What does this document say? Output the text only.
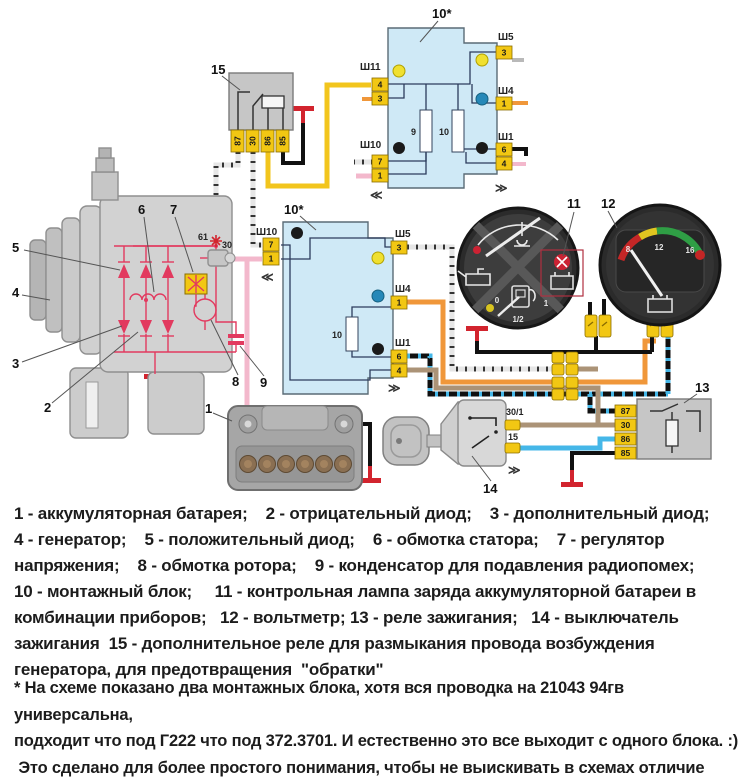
87 30 86 85
15
9	10
10*
Ш11
4
3
Ш10
7
1
≪
Ш5
3
Ш4
1
Ш1
6
4
≫
10
10*
Ш10
7
1
≪
Ш5
3
Ш4
1
Ш1
6
4
≫
61
30
5
4
3
2
6 7
8 9
1	30/1
15
≫
14
87
30
86
85
13
0
1/2
1
11
8	12	16
12
1 - аккумуляторная батарея;    2 - отрицательный диод;    3 - дополнительный диод;
4 - генератор;    5 - положительный диод;    6 - обмотка статора;    7 - регулятор
напряжения;    8 - обмотка ротора;    9 - конденсатор для подавления радиопомех;
10 - монтажный блок;     11 - контрольная лампа заряда аккумуляторной батареи в
комбинации приборов;   12 - вольтметр; 13 - реле зажигания;   14 - выключатель
зажигания  15 - дополнительное реле для размыкания провода возбуждения
генератора, для предотвращения  "обратки"
* На схеме показано два монтажных блока, хотя вся проводка на 21043 94гв универсальна,
подходит что под Г222 что под 372.3701. И естественно это все выходит с одного блока. :)
Это сделано для более простого понимания, чтобы не выискивать в схемах отличие
